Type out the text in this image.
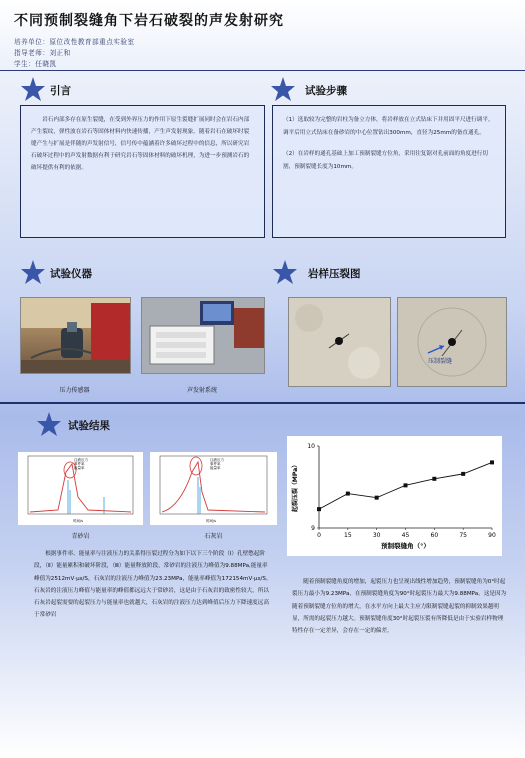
不同预制裂缝角下岩石破裂的声发射研究
培养单位：原位改性教育部重点实验室
指导老师：刘正和
学生：任晓凯
引言

岩石内部多存在原生裂缝，在受到外界压力的作用下原生裂缝扩展同时会在岩石内部产生裂纹，弹性波在岩石等固体材料内快速传播，产生声发射现象。随着岩石在破坏时裂缝产生与扩展是伴随的声发射信号，信号传中蕴涵着许多破坏过程中的信息，所以研究岩石破坏过程中的声发射数据有利于研究岩石等固体材料的破坏机理，为进一步预测岩石的破坏提供有利的依据。

试验步骤

（1）选取较为完整的岩柱为备立方体，将岩样放在立式钻床下并用固平尺进行调平。调平后用立式钻床在备砂岩的中心位置钻出300mm，直径为25mm的备直通孔。

（2）在岩样的通孔基础上加工预制裂缝方位角，采用往复锯对孔前面的角度进行切割，预制裂缝长度为10mm。

试验仪器
压力传感器	声发射系统
岩样压裂图
压制裂缝
试验结果
注液压力
事件率
能量率
时间/s
青砂岩
注液压力
事件率
能量率
时间/s
石灰岩	0	15	30	45	60	75	90
9
10
预制裂缝角（°）
起裂压裂（MPa）
根据事件率、能量率与注液压力的关系得压裂过程分为如下以下三个阶段（Ⅰ）孔壁憋起阶段，（Ⅱ）能量累积和破坏阶段，（Ⅲ）能量释放阶段，常砂岩的注液压力峰值为9.88MPa,能量率峰值为2512mV·μs/S，石灰岩的注液压力峰值为23.23MPa，能量率峰值为172154mV·μs/S。石灰岩的注液压力峰值与能量率的峰值都远远大于常砂岩，这是由于石灰岩的致密性较大，所以石灰岩起裂需要的起裂压力与能量率也就越大，石灰岩的注液压力达到峰值后压力下降速度远高于常砂岩
随着预制裂缝角度的增加，起裂压力也呈现出线性增加趋势，预制裂缝角为0°时起裂压力最小为9.23MPa，在预制裂缝角度为90°时起裂压力最大为9.88MPa。这是因为随着预制裂缝方位角的增大，在水平方向上最大主应力限制裂缝起裂的抑制效果越明显，所需的起裂压力越大。预制裂缝角度30°时起裂压裂有所降低是由于实验岩样物理特性存在一定差异，会存在一定的偏差。
